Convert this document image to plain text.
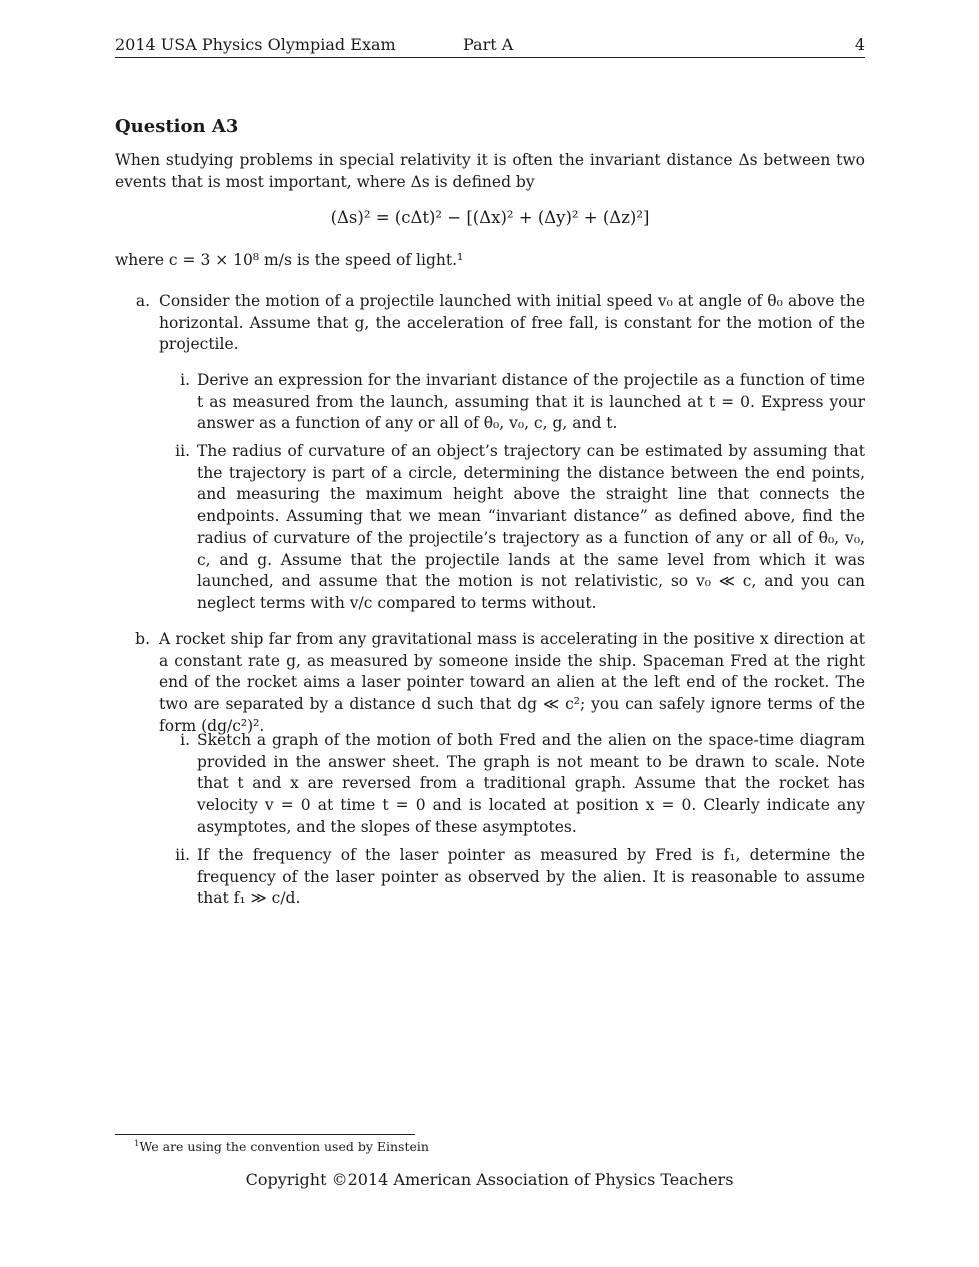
2014 USA Physics Olympiad Exam	Part A	4
Question A3

When studying problems in special relativity it is often the invariant distance Δs between two events that is most important, where Δs is defined by

(Δs)² = (cΔt)² − [(Δx)² + (Δy)² + (Δz)²]

where c = 3 × 10⁸ m/s is the speed of light.¹

a. Consider the motion of a projectile launched with initial speed v₀ at angle of θ₀ above the horizontal. Assume that g, the acceleration of free fall, is constant for the motion of the projectile.

i. Derive an expression for the invariant distance of the projectile as a function of time t as measured from the launch, assuming that it is launched at t = 0. Express your answer as a function of any or all of θ₀, v₀, c, g, and t.

ii. The radius of curvature of an object’s trajectory can be estimated by assuming that the trajectory is part of a circle, determining the distance between the end points, and measuring the maximum height above the straight line that connects the endpoints. Assuming that we mean “invariant distance” as defined above, find the radius of curvature of the projectile’s trajectory as a function of any or all of θ₀, v₀, c, and g. Assume that the projectile lands at the same level from which it was launched, and assume that the motion is not relativistic, so v₀ ≪ c, and you can neglect terms with v/c compared to terms without.

b. A rocket ship far from any gravitational mass is accelerating in the positive x direction at a constant rate g, as measured by someone inside the ship. Spaceman Fred at the right end of the rocket aims a laser pointer toward an alien at the left end of the rocket. The two are separated by a distance d such that dg ≪ c²; you can safely ignore terms of the form (dg/c²)².

i. Sketch a graph of the motion of both Fred and the alien on the space-time diagram provided in the answer sheet. The graph is not meant to be drawn to scale. Note that t and x are reversed from a traditional graph. Assume that the rocket has velocity v = 0 at time t = 0 and is located at position x = 0. Clearly indicate any asymptotes, and the slopes of these asymptotes.

ii. If the frequency of the laser pointer as measured by Fred is f₁, determine the frequency of the laser pointer as observed by the alien. It is reasonable to assume that f₁ ≫ c/d.

$^1$We are using the convention used by Einstein
Copyright ©2014 American Association of Physics Teachers
